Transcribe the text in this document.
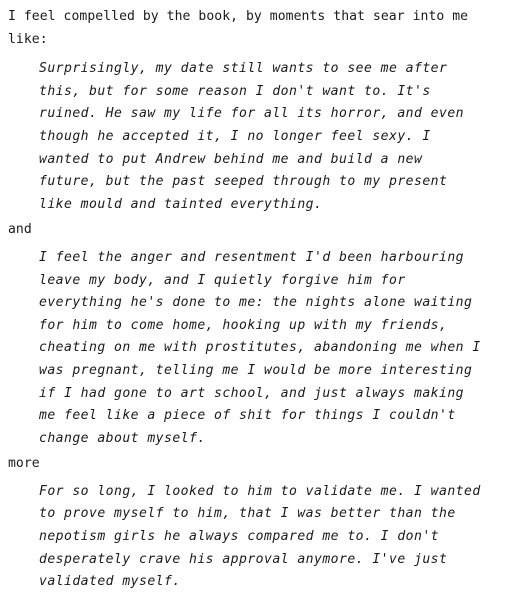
I feel compelled by the book, by moments that sear into me
like:

Surprisingly, my date still wants to see me after
this, but for some reason I don't want to. It's
ruined. He saw my life for all its horror, and even
though he accepted it, I no longer feel sexy. I
wanted to put Andrew behind me and build a new
future, but the past seeped through to my present
like mould and tainted everything.

and

I feel the anger and resentment I'd been harbouring
leave my body, and I quietly forgive him for
everything he's done to me: the nights alone waiting
for him to come home, hooking up with my friends,
cheating on me with prostitutes, abandoning me when I
was pregnant, telling me I would be more interesting
if I had gone to art school, and just always making
me feel like a piece of shit for things I couldn't
change about myself.

more

For so long, I looked to him to validate me. I wanted
to prove myself to him, that I was better than the
nepotism girls he always compared me to. I don't
desperately crave his approval anymore. I've just
validated myself.
